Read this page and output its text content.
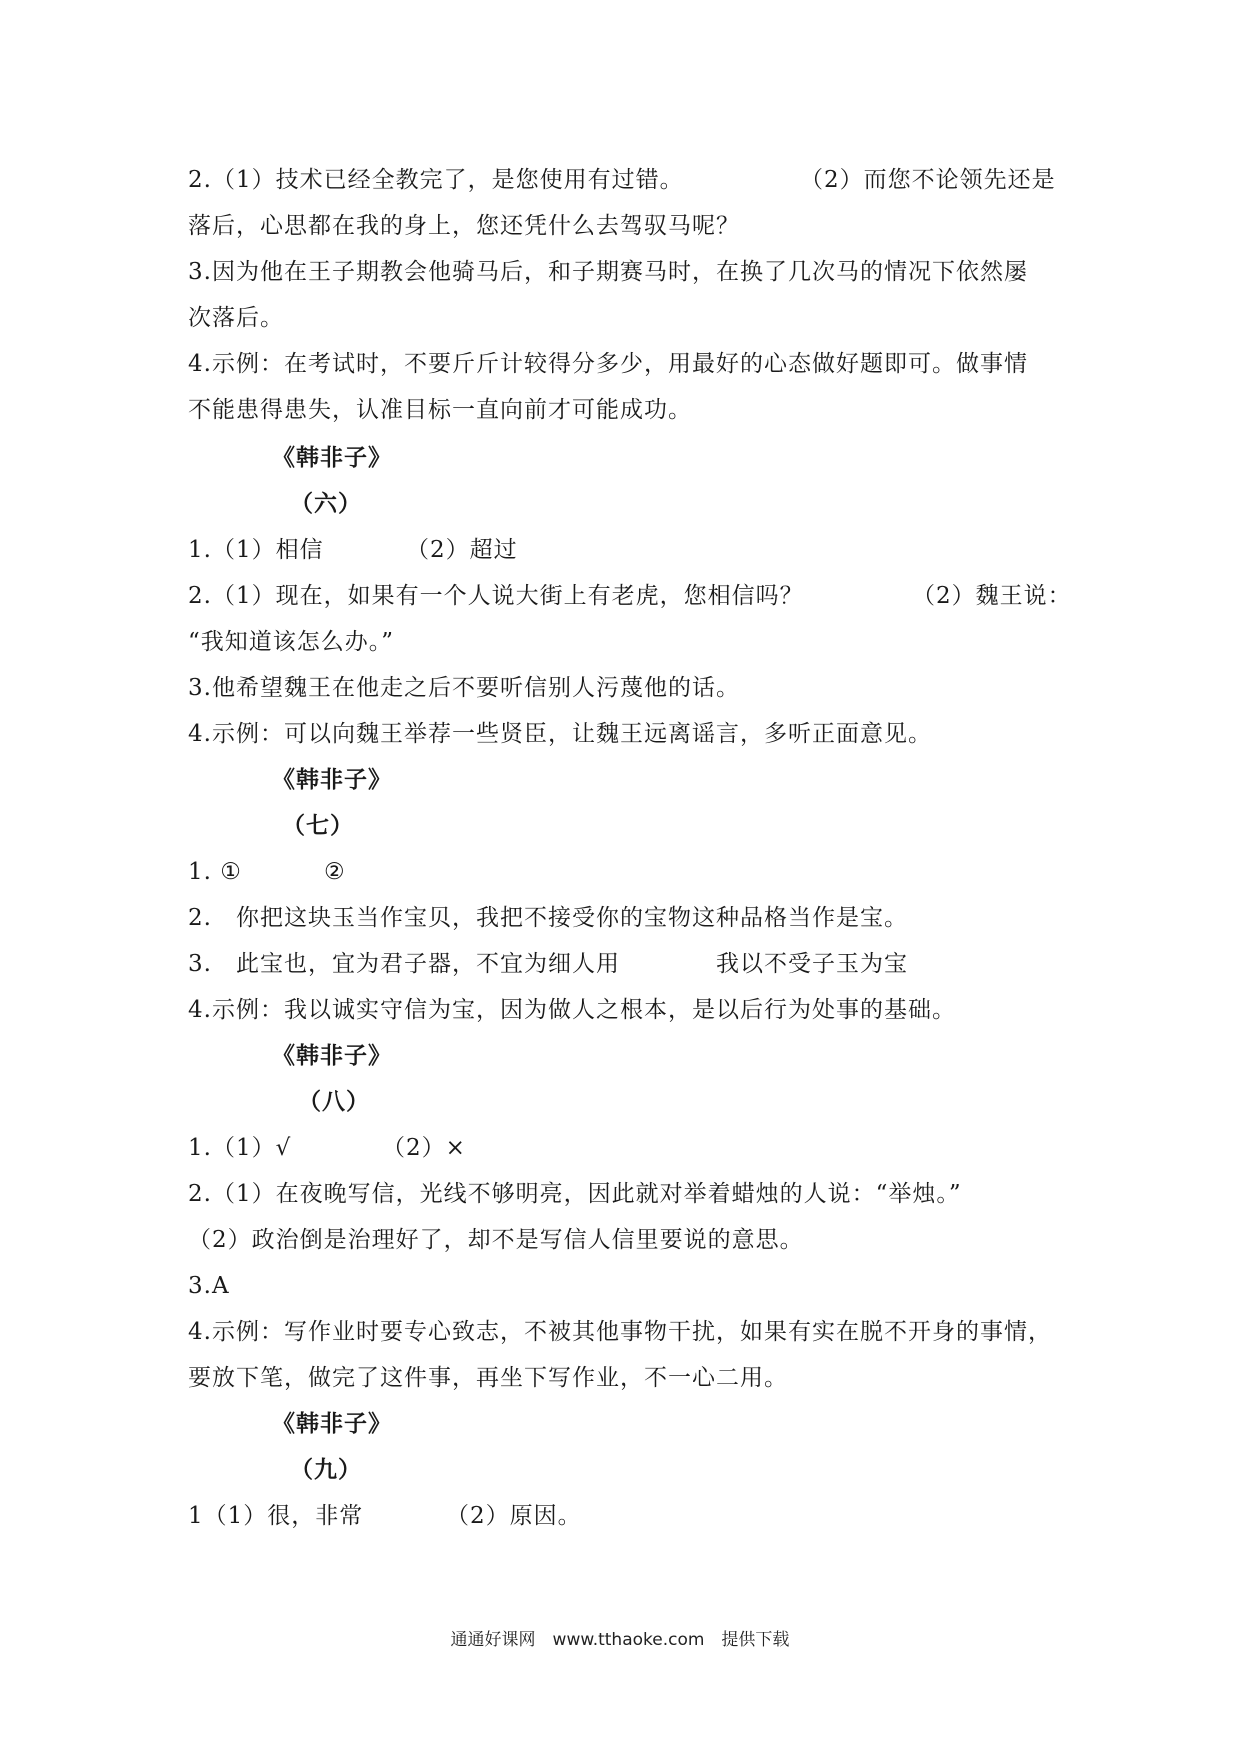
2.（1）技术已经全教完了，是您使用有过错。	（2）而您不论领先还是
落后，心思都在我的身上，您还凭什么去驾驭马呢？
3.因为他在王子期教会他骑马后，和子期赛马时，在换了几次马的情况下依然屡
次落后。
4.示例：在考试时，不要斤斤计较得分多少，用最好的心态做好题即可。做事情
不能患得患失，认准目标一直向前才可能成功。
《韩非子》
（六）
1.（1）相信	（2）超过
2.（1）现在，如果有一个人说大街上有老虎，您相信吗？	（2）魏王说：
“我知道该怎么办。”
3.他希望魏王在他走之后不要听信别人污蔑他的话。
4.示例：可以向魏王举荐一些贤臣，让魏王远离谣言，多听正面意见。
《韩非子》
（七）
1. ①	②
2.　你把这块玉当作宝贝，我把不接受你的宝物这种品格当作是宝。
3.　此宝也，宜为君子器，不宜为细人用	我以不受子玉为宝
4.示例：我以诚实守信为宝，因为做人之根本，是以后行为处事的基础。
《韩非子》
（八）
1.（1）√	（2）×
2.（1）在夜晚写信，光线不够明亮，因此就对举着蜡烛的人说：“举烛。”
（2）政治倒是治理好了，却不是写信人信里要说的意思。
3.A
4.示例：写作业时要专心致志，不被其他事物干扰，如果有实在脱不开身的事情，
要放下笔，做完了这件事，再坐下写作业，不一心二用。
《韩非子》
（九）
1（1）很，非常	（2）原因。
通通好课网　www.tthaoke.com　提供下载
